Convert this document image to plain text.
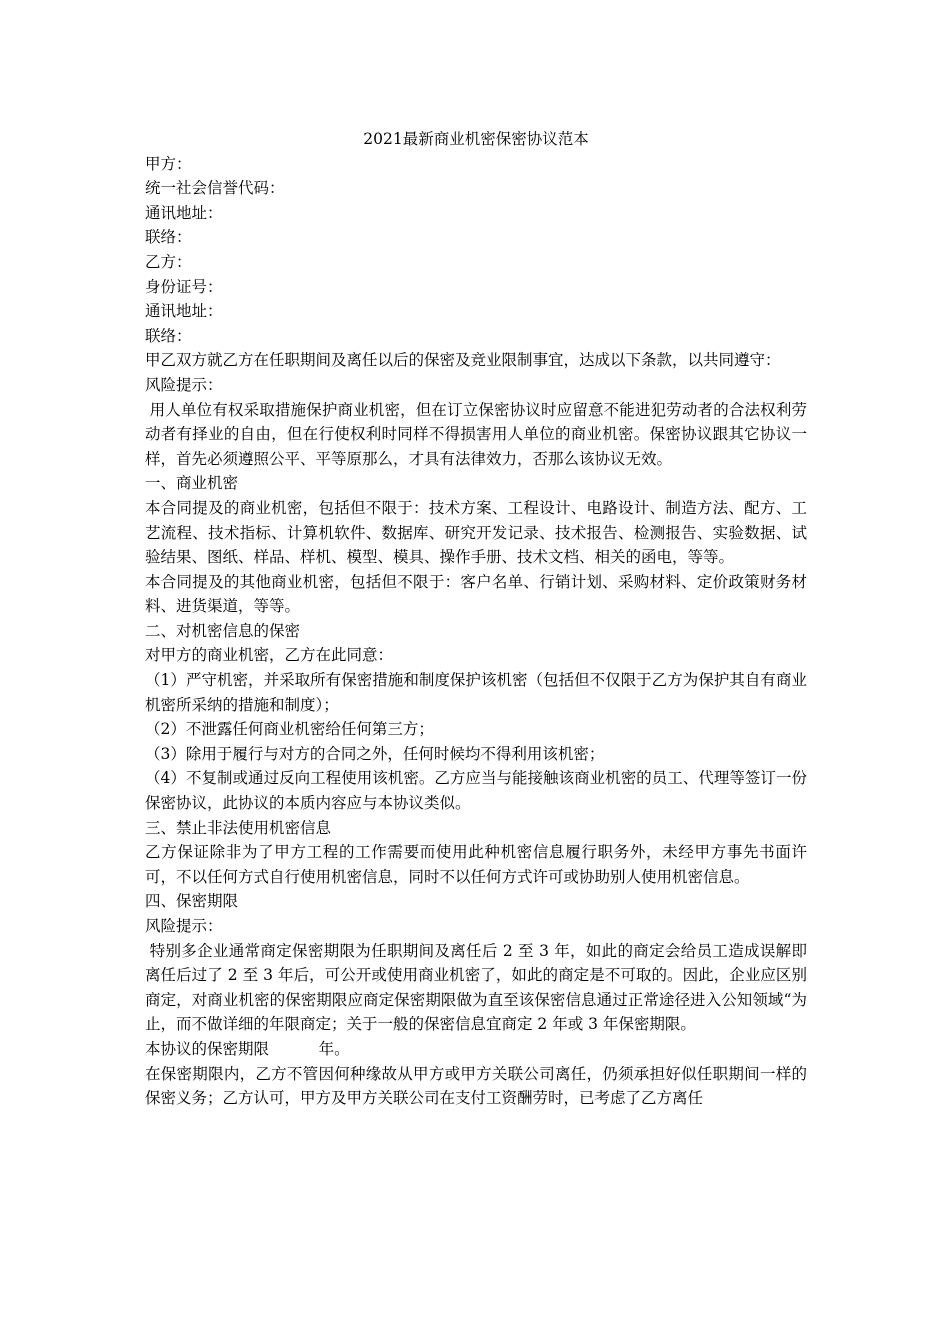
2021最新商业机密保密协议范本

甲方：

统一社会信誉代码：

通讯地址：

联络：

乙方：

身份证号：

通讯地址：

联络：

甲乙双方就乙方在任职期间及离任以后的保密及竞业限制事宜，达成以下条款，以共同遵守：

风险提示：

用人单位有权采取措施保护商业机密，但在订立保密协议时应留意不能进犯劳动者的合法权利劳动者有择业的自由，但在行使权利时同样不得损害用人单位的商业机密。保密协议跟其它协议一样，首先必须遵照公平、平等原那么，才具有法律效力，否那么该协议无效。

一、商业机密

本合同提及的商业机密，包括但不限于：技术方案、工程设计、电路设计、制造方法、配方、工艺流程、技术指标、计算机软件、数据库、研究开发记录、技术报告、检测报告、实验数据、试验结果、图纸、样品、样机、模型、模具、操作手册、技术文档、相关的函电，等等。

本合同提及的其他商业机密，包括但不限于：客户名单、行销计划、采购材料、定价政策财务材料、进货渠道，等等。

二、对机密信息的保密

对甲方的商业机密，乙方在此同意：

（1）严守机密，并采取所有保密措施和制度保护该机密（包括但不仅限于乙方为保护其自有商业机密所采纳的措施和制度）；

（2）不泄露任何商业机密给任何第三方；

（3）除用于履行与对方的合同之外，任何时候均不得利用该机密；

（4）不复制或通过反向工程使用该机密。乙方应当与能接触该商业机密的员工、代理等签订一份保密协议，此协议的本质内容应与本协议类似。

三、禁止非法使用机密信息

乙方保证除非为了甲方工程的工作需要而使用此种机密信息履行职务外，未经甲方事先书面许可，不以任何方式自行使用机密信息，同时不以任何方式许可或协助别人使用机密信息。

四、保密期限

风险提示：

特别多企业通常商定保密期限为任职期间及离任后 2 至 3 年，如此的商定会给员工造成误解即离任后过了 2 至 3 年后，可公开或使用商业机密了，如此的商定是不可取的。因此，企业应区别商定，对商业机密的保密期限应商定保密期限做为直至该保密信息通过正常途径进入公知领域“为止，而不做详细的年限商定；关于一般的保密信息宜商定 2 年或 3 年保密期限。

本协议的保密期限	年。

在保密期限内，乙方不管因何种缘故从甲方或甲方关联公司离任，仍须承担好似任职期间一样的保密义务；乙方认可，甲方及甲方关联公司在支付工资酬劳时，已考虑了乙方离任
